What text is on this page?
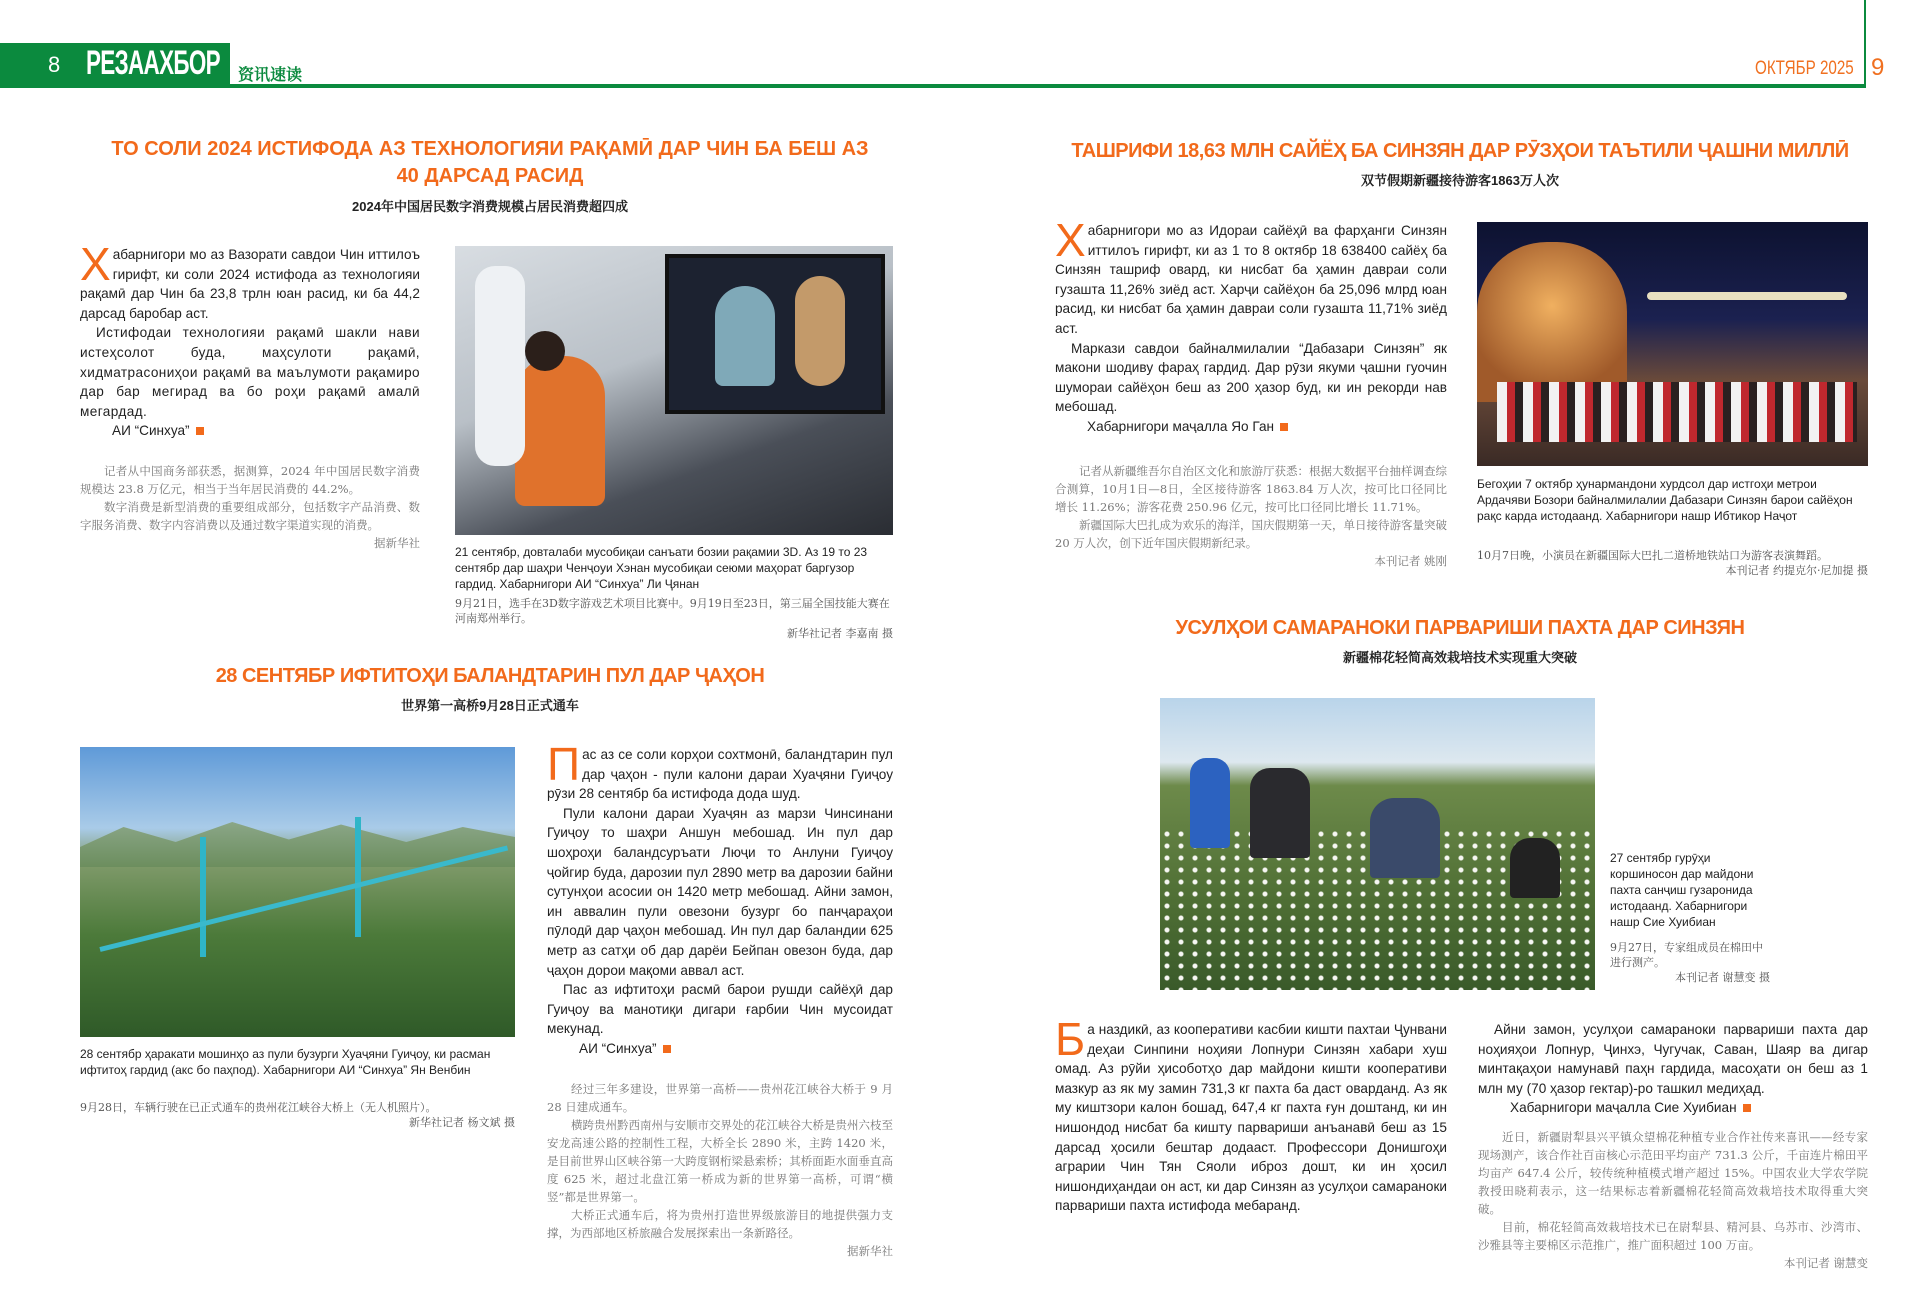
8 РЕЗААХБОР 资讯速读	ОКТЯБР 2025 9
ТО СОЛИ 2024 ИСТИФОДА АЗ ТЕХНОЛОГИЯИ РАҚАМӢ ДАР ЧИН БА БЕШ АЗ 40 ДАРСАД РАСИД
2024年中国居民数字消费规模占居民消费超四成

Хабарнигори мо аз Вазорати савдои Чин иттилоъ гирифт, ки соли 2024 истифода аз технологияи рақамӣ дар Чин ба 23,8 трлн юан расид, ки ба 44,2 дарсад баробар аст.

Истифодаи технологияи рақамӣ шакли нави истеҳсолот буда, маҳсулоти рақамӣ, хидматрасониҳои рақамӣ ва маълумоти рақамиро дар бар мегирад ва бо роҳи рақамӣ амалӣ мегардад.

АИ “Синхуа”

记者从中国商务部获悉，据测算，2024 年中国居民数字消费规模达 23.8 万亿元，相当于当年居民消费的 44.2%。

数字消费是新型消费的重要组成部分，包括数字产品消费、数字服务消费、数字内容消费以及通过数字渠道实现的消费。

据新华社

21 сентябр, довталаби мусобиқаи санъати бозии рақамии 3D. Аз 19 то 23 сентябр дар шаҳри Ченҷоуи Хэнан мусобиқаи сеюми маҳорат баргузор гардид. Хабарнигори АИ “Синхуа” Ли Ҷянан
9月21日，选手在3D数字游戏艺术项目比赛中。9月19日至23日，第三届全国技能大赛在河南郑州举行。
新华社记者 李嘉南 摄
28 СЕНТЯБР ИФТИТОҲИ БАЛАНДТАРИН ПУЛ ДАР ҶАҲОН
世界第一高桥9月28日正式通车
28 сентябр ҳаракати мошинҳо аз пули бузурги Хуаҷяни Гуиҷоу, ки расман ифтитоҳ гардид (акс бо паҳпод). Хабарнигори АИ “Синхуа” Ян Венбин
9月28日，车辆行驶在已正式通车的贵州花江峡谷大桥上（无人机照片）。
新华社记者 杨文斌 摄

Пас аз се соли корҳои сохтмонӣ, баландтарин пул дар ҷаҳон - пули калони дараи Хуаҷяни Гуиҷоу рӯзи 28 сентябр ба истифода дода шуд.

Пули калони дараи Хуаҷян аз марзи Чинсинани Гуиҷоу то шаҳри Аншун мебошад. Ин пул дар шоҳроҳи баландсуръати Люҷи то Анлуни Гуиҷоу ҷойгир буда, дарозии пул 2890 метр ва дарозии байни сутунҳои асосии он 1420 метр мебошад. Айни замон, ин аввалин пули овезони бузург бо панҷараҳои пӯлодӣ дар ҷаҳон мебошад. Ин пул дар баландии 625 метр аз сатҳи об дар дарёи Бейпан овезон буда, дар ҷаҳон дорои мақоми аввал аст.

Пас аз ифтитоҳи расмӣ барои рушди сайёҳӣ дар Гуиҷоу ва манотиқи дигари ғарбии Чин мусоидат мекунад.

АИ “Синхуа”

经过三年多建设，世界第一高桥——贵州花江峡谷大桥于 9 月 28 日建成通车。

横跨贵州黔西南州与安顺市交界处的花江峡谷大桥是贵州六枝至安龙高速公路的控制性工程，大桥全长 2890 米，主跨 1420 米，是目前世界山区峡谷第一大跨度钢桁梁悬索桥；其桥面距水面垂直高度 625 米，超过北盘江第一桥成为新的世界第一高桥，可谓“横竖”都是世界第一。

大桥正式通车后，将为贵州打造世界级旅游目的地提供强力支撑，为西部地区桥旅融合发展探索出一条新路径。

据新华社

ТАШРИФИ 18,63 МЛН САЙЁҲ БА СИНЗЯН ДАР РӮЗҲОИ ТАЪТИЛИ ҶАШНИ МИЛЛӢ
双节假期新疆接待游客1863万人次

Хабарнигори мо аз Идораи сайёҳӣ ва фарҳанги Синзян иттилоъ гирифт, ки аз 1 то 8 октябр 18 638400 сайёҳ ба Синзян ташриф овард, ки нисбат ба ҳамин давраи соли гузашта 11,26% зиёд аст. Харҷи сайёҳон ба 25,096 млрд юан расид, ки нисбат ба ҳамин давраи соли гузашта 11,71% зиёд аст.

Маркази савдои байналмилалии “Дабазари Синзян” як макони шодиву фараҳ гардид. Дар рӯзи якуми ҷашни гуочин шумораи сайёҳон беш аз 200 ҳазор буд, ки ин рекорди нав мебошад.

Хабарнигори маҷалла Яо Ган

记者从新疆维吾尔自治区文化和旅游厅获悉：根据大数据平台抽样调查综合测算，10月1日—8日，全区接待游客 1863.84 万人次，按可比口径同比增长 11.26%；游客花费 250.96 亿元，按可比口径同比增长 11.71%。

新疆国际大巴扎成为欢乐的海洋，国庆假期第一天，单日接待游客量突破 20 万人次，创下近年国庆假期新纪录。

本刊记者 姚刚

Бегоҳии 7 октябр ҳунармандони хурдсол дар истгоҳи метрои Ардачяви Бозори байналмилалии Дабазари Синзян барои сайёҳон рақс карда истодаанд. Хабарнигори нашр Ибтикор Наҷот
10月7日晚，小演员在新疆国际大巴扎二道桥地铁站口为游客表演舞蹈。
本刊记者 约提克尔·尼加提 摄
УСУЛҲОИ САМАРАНОКИ ПАРВАРИШИ ПАХТА ДАР СИНЗЯН
新疆棉花轻简高效栽培技术实现重大突破
27 сентябр гурӯҳи коршиносон дар майдони пахта санҷиш гузаронида истодаанд. Хабарнигори нашр Сие Хуибиан
9月27日，专家组成员在棉田中进行测产。
本刊记者 谢慧变 摄

Ба наздикӣ, аз кооперативи касбии кишти пахтаи Ҷунвани деҳаи Синпини ноҳияи Лопнури Синзян хабари хуш омад. Аз рӯйи ҳисоботҳо дар майдони кишти кооперативи мазкур аз як му замин 731,3 кг пахта ба даст оварданд. Аз як му киштзори калон бошад, 647,4 кг пахта ғун доштанд, ки ин нишондод нисбат ба кишту парвариши анъанавӣ беш аз 15 дарсад ҳосили бештар додааст. Профессори Донишгоҳи аграрии Чин Тян Сяоли иброз дошт, ки ин ҳосил нишондиҳандаи он аст, ки дар Синзян аз усулҳои самараноки парвариши пахта истифода мебаранд.

Айни замон, усулҳои самараноки парвариши пахта дар ноҳияҳои Лопнур, Ҷинхэ, Чугучак, Саван, Шаяр ва дигар минтақаҳои намунавӣ паҳн гардида, масоҳати он беш аз 1 млн му (70 ҳазор гектар)-ро ташкил медиҳад.

Хабарнигори маҷалла Сие Хуибиан

近日，新疆尉犁县兴平镇众望棉花种植专业合作社传来喜讯——经专家现场测产，该合作社百亩核心示范田平均亩产 731.3 公斤，千亩连片棉田平均亩产 647.4 公斤，较传统种植模式增产超过 15%。中国农业大学农学院教授田晓莉表示，这一结果标志着新疆棉花轻简高效栽培技术取得重大突破。

目前，棉花轻简高效栽培技术已在尉犁县、精河县、乌苏市、沙湾市、沙雅县等主要棉区示范推广，推广面积超过 100 万亩。

本刊记者 谢慧变
